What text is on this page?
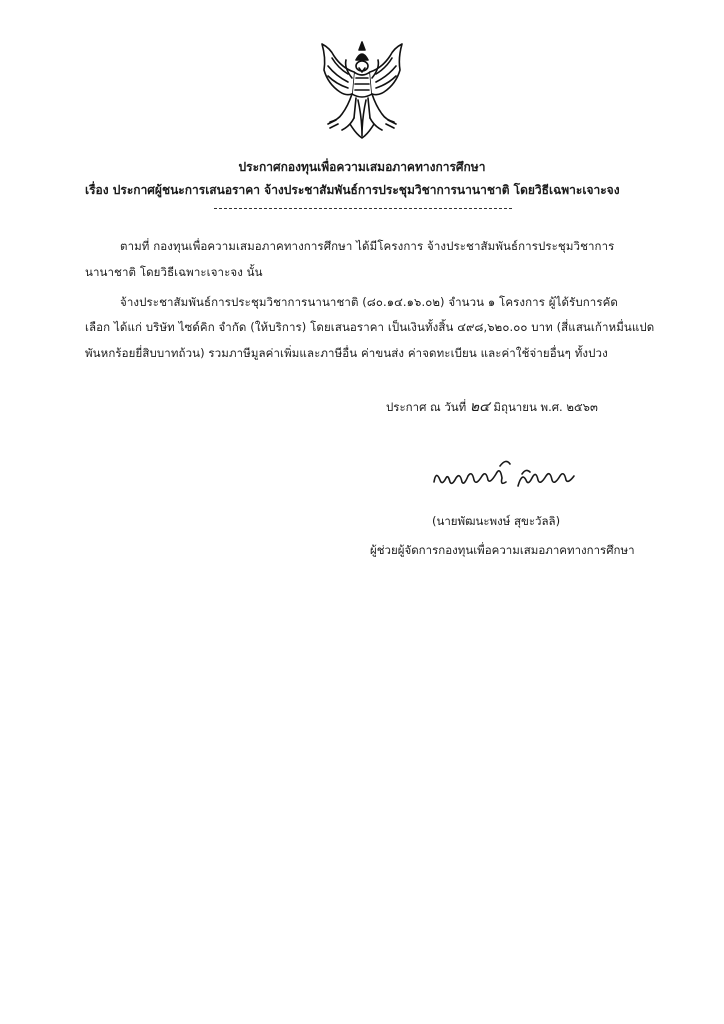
ประกาศกองทุนเพื่อความเสมอภาคทางการศึกษา
เรื่อง ประกาศผู้ชนะการเสนอราคา จ้างประชาสัมพันธ์การประชุมวิชาการนานาชาติ โดยวิธีเฉพาะเจาะจง
ตามที่ กองทุนเพื่อความเสมอภาคทางการศึกษา ได้มีโครงการ จ้างประชาสัมพันธ์การประชุมวิชาการ
นานาชาติ โดยวิธีเฉพาะเจาะจง นั้น
จ้างประชาสัมพันธ์การประชุมวิชาการนานาชาติ (๘๐.๑๔.๑๖.๐๒) จำนวน ๑ โครงการ ผู้ได้รับการคัด
เลือก ได้แก่ บริษัท ไซด์คิก จำกัด (ให้บริการ) โดยเสนอราคา เป็นเงินทั้งสิ้น ๔๙๘,๖๒๐.๐๐ บาท (สี่แสนเก้าหมื่นแปด
พันหกร้อยยี่สิบบาทถ้วน) รวมภาษีมูลค่าเพิ่มและภาษีอื่น ค่าขนส่ง ค่าจดทะเบียน และค่าใช้จ่ายอื่นๆ ทั้งปวง
ประกาศ ณ วันที่ ๒๔ มิถุนายน พ.ศ. ๒๕๖๓
(นายพัฒนะพงษ์ สุขะวัลลิ)
ผู้ช่วยผู้จัดการกองทุนเพื่อความเสมอภาคทางการศึกษา
